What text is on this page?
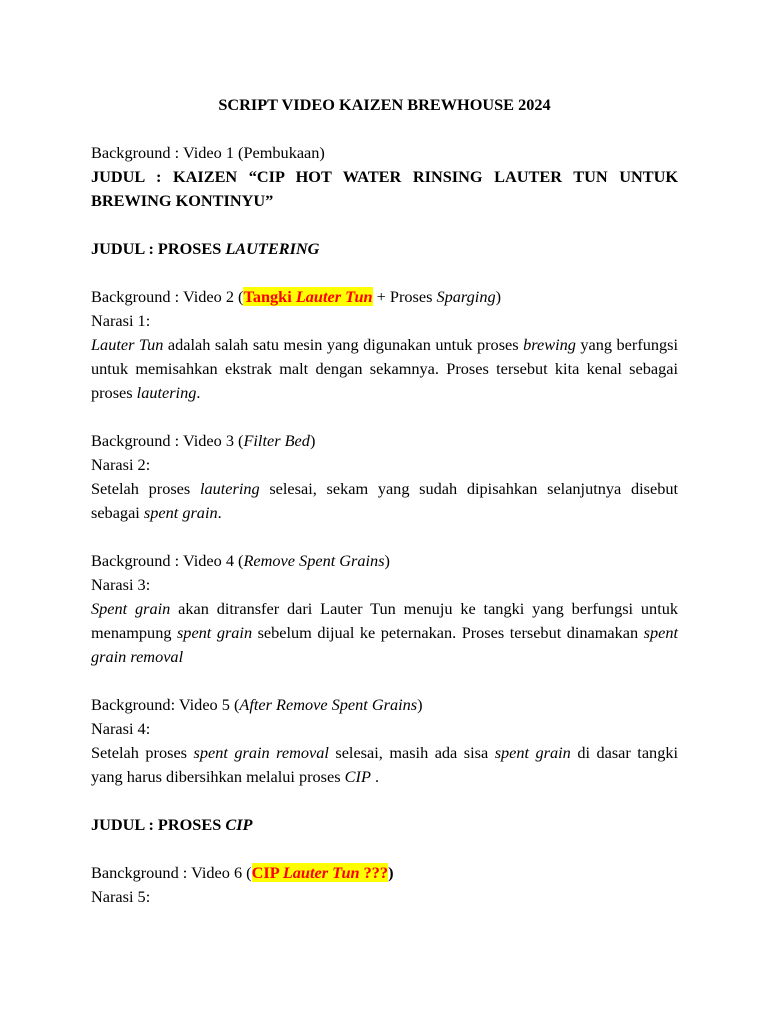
SCRIPT VIDEO KAIZEN BREWHOUSE 2024

Background : Video 1 (Pembukaan)

JUDUL : KAIZEN “CIP HOT WATER RINSING LAUTER TUN UNTUK

BREWING KONTINYU”

JUDUL : PROSES LAUTERING

Background : Video 2 (Tangki Lauter Tun + Proses Sparging)

Narasi 1:

Lauter Tun adalah salah satu mesin yang digunakan untuk proses brewing yang berfungsi untuk memisahkan ekstrak malt dengan sekamnya. Proses tersebut kita kenal sebagai proses lautering.

Background : Video 3 (Filter Bed)

Narasi 2:

Setelah proses lautering selesai, sekam yang sudah dipisahkan selanjutnya disebut sebagai spent grain.

Background : Video 4 (Remove Spent Grains)

Narasi 3:

Spent grain akan ditransfer dari Lauter Tun menuju ke tangki yang berfungsi untuk menampung spent grain sebelum dijual ke peternakan. Proses tersebut dinamakan spent grain removal

Background: Video 5 (After Remove Spent Grains)

Narasi 4:

Setelah proses spent grain removal selesai, masih ada sisa spent grain di dasar tangki yang harus dibersihkan melalui proses CIP .

JUDUL : PROSES CIP

Banckground : Video 6 (CIP Lauter Tun ???)

Narasi 5:
